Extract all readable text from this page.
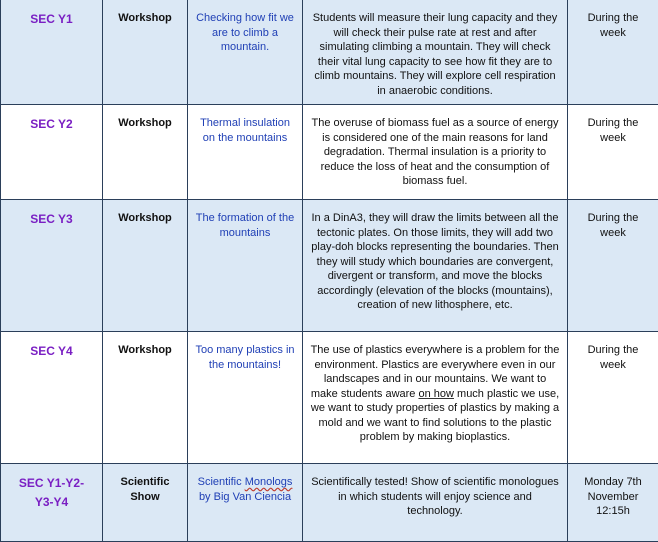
SEC Y1	Workshop	Checking how fit we are to climb a mountain.	Students will measure their lung capacity and they will check their pulse rate at rest and after simulating climbing a mountain. They will check their vital lung capacity to see how fit they are to climb mountains. They will explore cell respiration in anaerobic conditions.	During the week
SEC Y2	Workshop	Thermal insulation on the mountains	The overuse of biomass fuel as a source of energy is considered one of the main reasons for land degradation. Thermal insulation is a priority to reduce the loss of heat and the consumption of biomass fuel.	During the week
SEC Y3	Workshop	The formation of the mountains	In a DinA3, they will draw the limits between all the tectonic plates. On those limits, they will add two play-doh blocks representing the boundaries. Then they will study which boundaries are convergent, divergent or transform, and move the blocks accordingly (elevation of the blocks (mountains), creation of new lithosphere, etc.	During the week
SEC Y4	Workshop	Too many plastics in the mountains!	The use of plastics everywhere is a problem for the environment. Plastics are everywhere even in our landscapes and in our mountains. We want to make students aware on how much plastic we use, we want to study properties of plastics by making a mold and we want to find solutions to the plastic problem by making bioplastics.	During the week
SEC Y1-Y2-Y3-Y4	Scientific Show	Scientific Monologs by Big Van Ciencia	Scientifically tested! Show of scientific monologues in which students will enjoy science and technology.	Monday 7th November 12:15h
